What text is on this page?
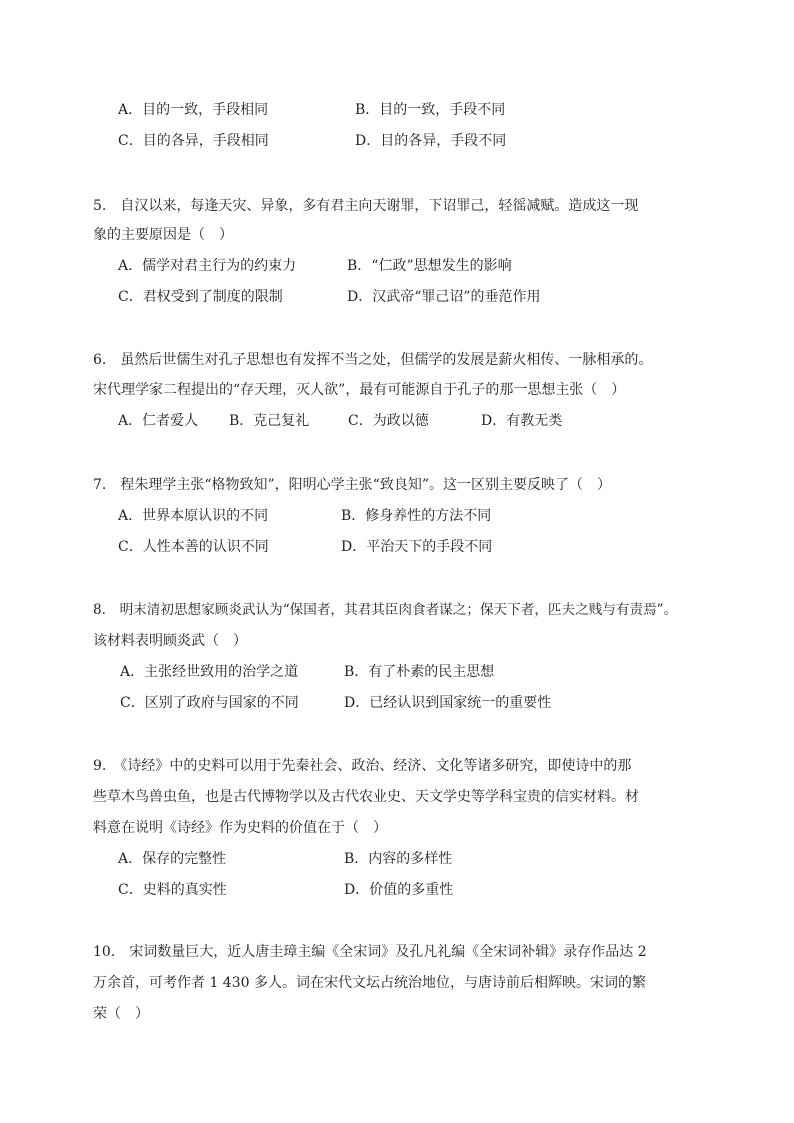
A．目的一致，手段相同	B．目的一致，手段不同
C．目的各异，手段相同	D．目的各异，手段不同
5.　自汉以来，每逢天灾、异象，多有君主向天谢罪，下诏罪己，轻徭减赋。造成这一现
象的主要原因是（　）
A．儒学对君主行为的约束力	B．“仁政”思想发生的影响
C．君权受到了制度的限制	D．汉武帝“罪己诏”的垂范作用
6.　虽然后世儒生对孔子思想也有发挥不当之处，但儒学的发展是薪火相传、一脉相承的。
宋代理学家二程提出的“存天理，灭人欲”，最有可能源自于孔子的那一思想主张（　）
A．仁者爱人 B．克己复礼	C．为政以德	D．有教无类
7.　程朱理学主张“格物致知”，阳明心学主张“致良知”。这一区别主要反映了（　）
A．世界本原认识的不同	B．修身养性的方法不同
C．人性本善的认识不同	D．平治天下的手段不同
8.　明末清初思想家顾炎武认为“保国者，其君其臣肉食者谋之；保天下者，匹夫之贱与有责焉”。
该材料表明顾炎武（　）
A．主张经世致用的治学之道	B．有了朴素的民主思想
C．区别了政府与国家的不同	D．已经认识到国家统一的重要性
9.　《诗经》中的史料可以用于先秦社会、政治、经济、文化等诸多研究，即使诗中的那
些草木鸟兽虫鱼，也是古代博物学以及古代农业史、天文学史等学科宝贵的信实材料。材
料意在说明《诗经》作为史料的价值在于（　）
A．保存的完整性	B．内容的多样性
C．史料的真实性	D．价值的多重性
10.　宋词数量巨大，近人唐圭璋主编《全宋词》及孔凡礼编《全宋词补辑》录存作品达 2
万余首，可考作者 1 430 多人。词在宋代文坛占统治地位，与唐诗前后相辉映。宋词的繁
荣（　）
